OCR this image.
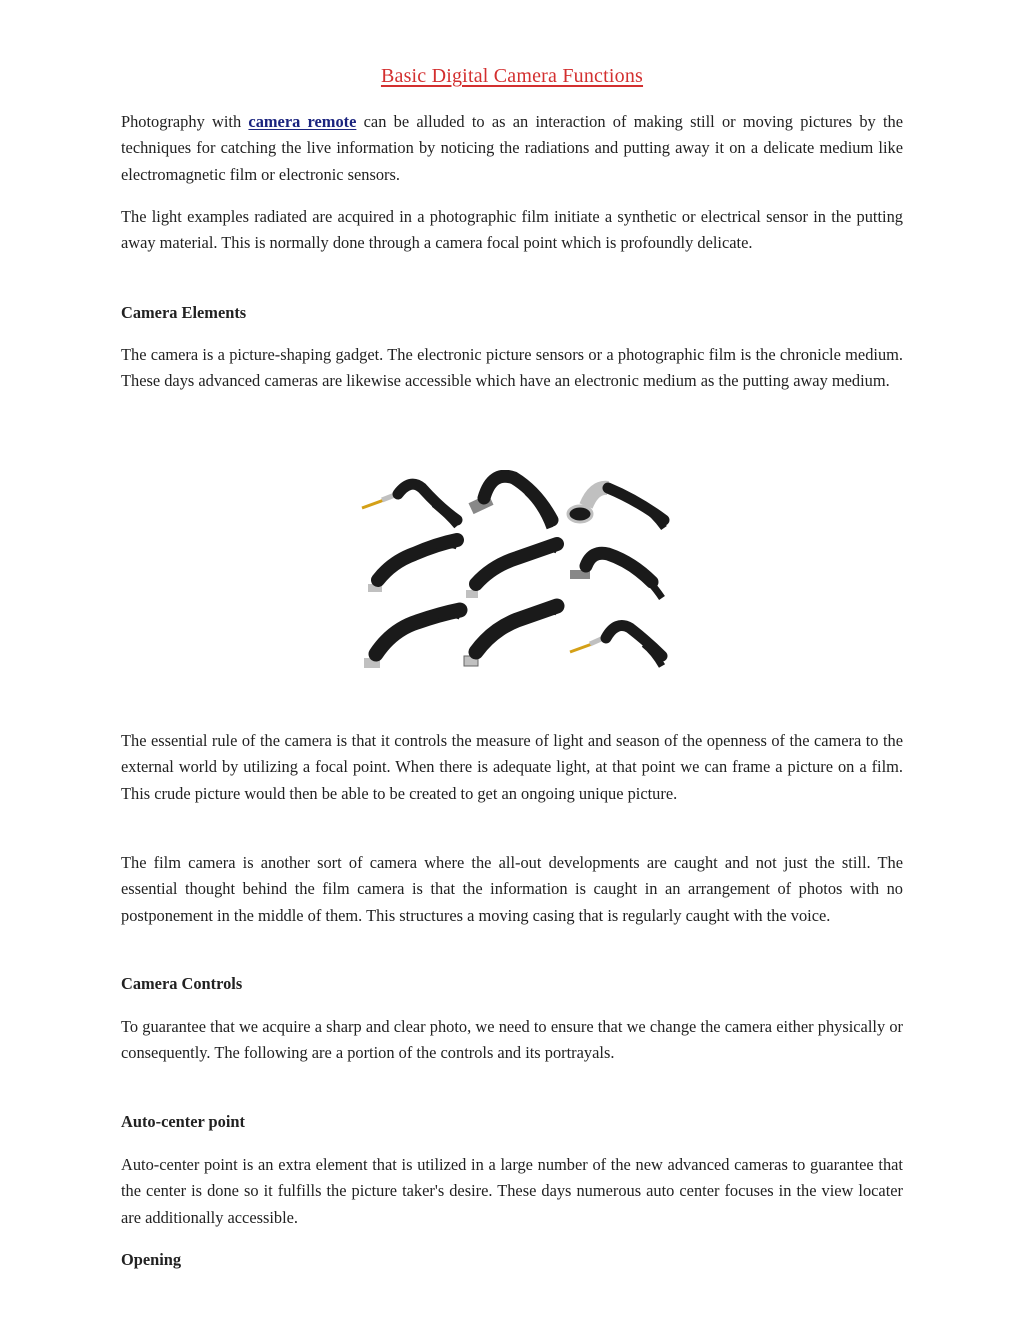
Basic Digital Camera Functions

Photography with camera remote can be alluded to as an interaction of making still or moving pictures by the techniques for catching the live information by noticing the radiations and putting away it on a delicate medium like electromagnetic film or electronic sensors.

The light examples radiated are acquired in a photographic film initiate a synthetic or electrical sensor in the putting away material. This is normally done through a camera focal point which is profoundly delicate.

Camera Elements

The camera is a picture-shaping gadget. The electronic picture sensors or a photographic film is the chronicle medium. These days advanced cameras are likewise accessible which have an electronic medium as the putting away medium.

The essential rule of the camera is that it controls the measure of light and season of the openness of the camera to the external world by utilizing a focal point. When there is adequate light, at that point we can frame a picture on a film. This crude picture would then be able to be created to get an ongoing unique picture.

The film camera is another sort of camera where the all-out developments are caught and not just the still. The essential thought behind the film camera is that the information is caught in an arrangement of photos with no postponement in the middle of them. This structures a moving casing that is regularly caught with the voice.

Camera Controls

To guarantee that we acquire a sharp and clear photo, we need to ensure that we change the camera either physically or consequently. The following are a portion of the controls and its portrayals.

Auto-center point

Auto-center point is an extra element that is utilized in a large number of the new advanced cameras to guarantee that the center is done so it fulfills the picture taker's desire. These days numerous auto center focuses in the view locater are additionally accessible.

Opening
